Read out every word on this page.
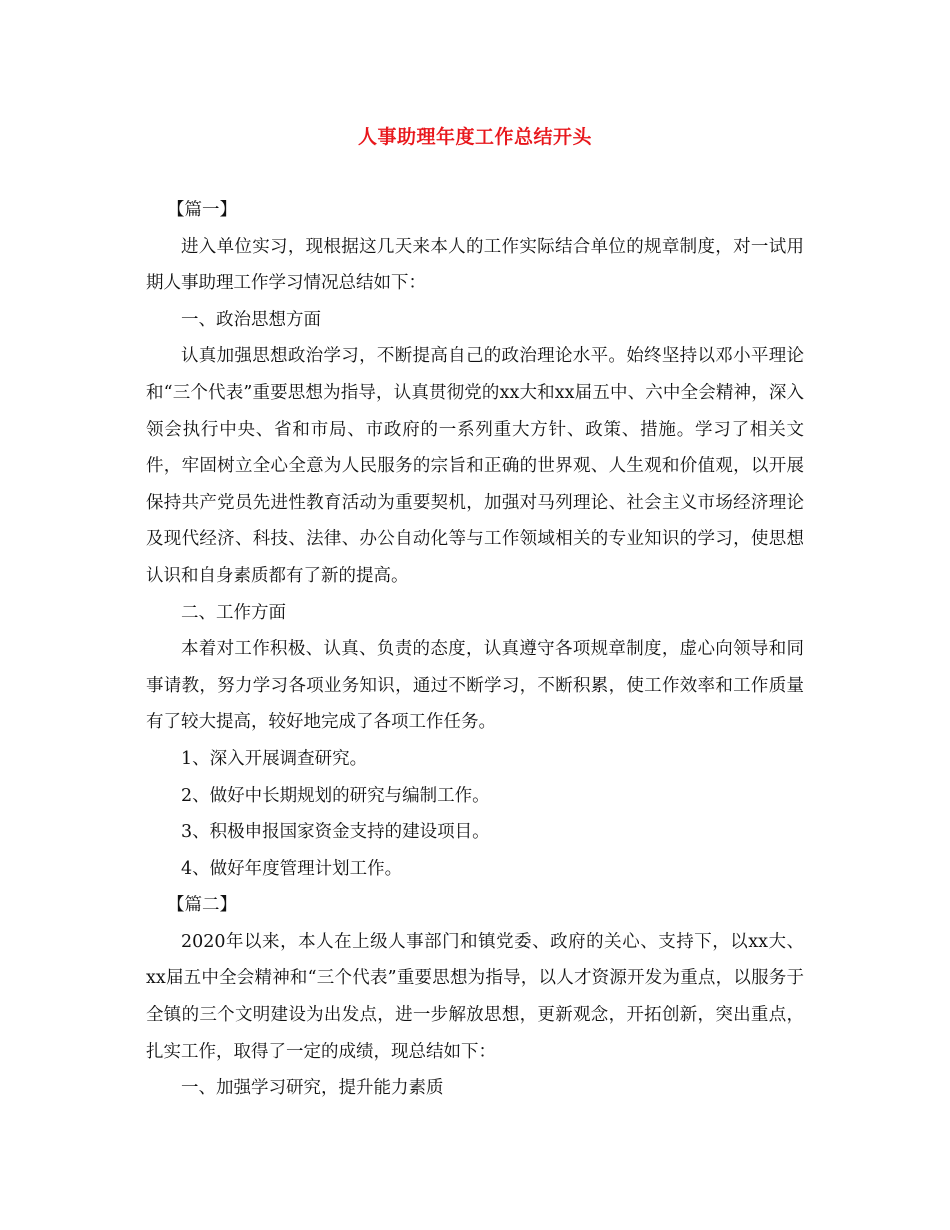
人事助理年度工作总结开头

【篇一】

进入单位实习，现根据这几天来本人的工作实际结合单位的规章制度，对一试用期人事助理工作学习情况总结如下：

一、政治思想方面

认真加强思想政治学习，不断提高自己的政治理论水平。始终坚持以邓小平理论和“三个代表”重要思想为指导，认真贯彻党的xx大和xx届五中、六中全会精神，深入领会执行中央、省和市局、市政府的一系列重大方针、政策、措施。学习了相关文件，牢固树立全心全意为人民服务的宗旨和正确的世界观、人生观和价值观，以开展保持共产党员先进性教育活动为重要契机，加强对马列理论、社会主义市场经济理论及现代经济、科技、法律、办公自动化等与工作领域相关的专业知识的学习，使思想认识和自身素质都有了新的提高。

二、工作方面

本着对工作积极、认真、负责的态度，认真遵守各项规章制度，虚心向领导和同事请教，努力学习各项业务知识，通过不断学习，不断积累，使工作效率和工作质量有了较大提高，较好地完成了各项工作任务。

1、深入开展调查研究。

2、做好中长期规划的研究与编制工作。

3、积极申报国家资金支持的建设项目。

4、做好年度管理计划工作。

【篇二】

2020年以来，本人在上级人事部门和镇党委、政府的关心、支持下，以xx大、xx届五中全会精神和“三个代表”重要思想为指导，以人才资源开发为重点，以服务于全镇的三个文明建设为出发点，进一步解放思想，更新观念，开拓创新，突出重点，扎实工作，取得了一定的成绩，现总结如下：

一、加强学习研究，提升能力素质
